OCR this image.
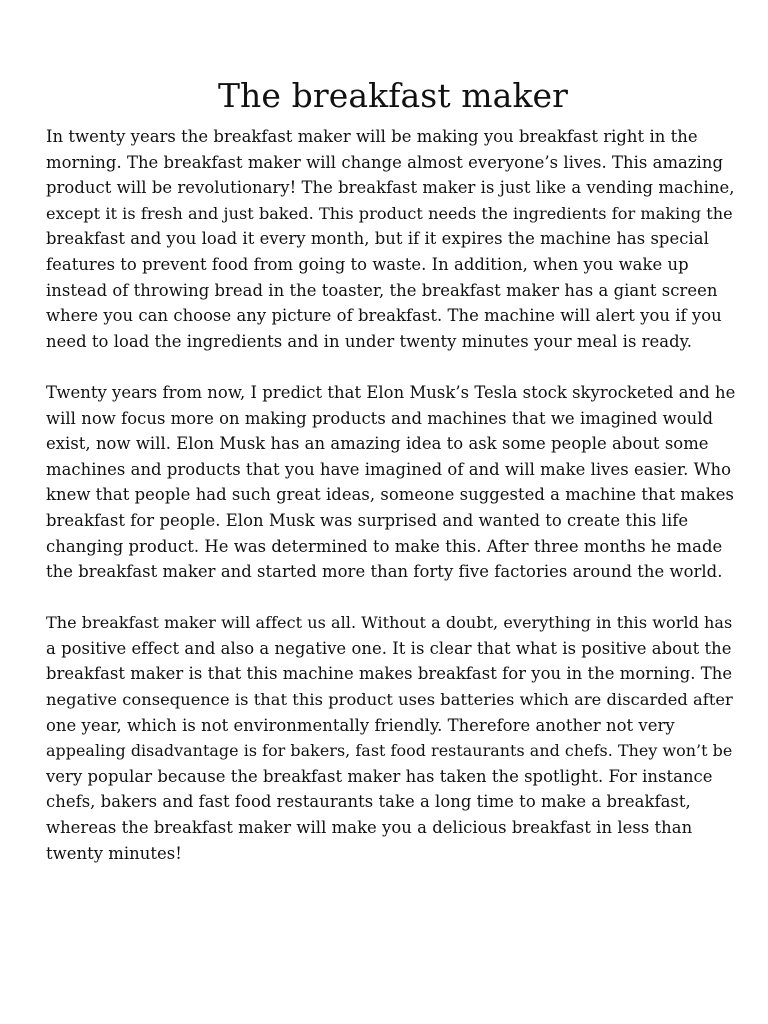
The breakfast maker
In twenty years the breakfast maker will be making you breakfast right in the
morning. The breakfast maker will change almost everyone’s lives. This amazing
product will be revolutionary! The breakfast maker is just like a vending machine,
except it is fresh and just baked. This product needs the ingredients for making the
breakfast and you load it every month, but if it expires the machine has special
features to prevent food from going to waste. In addition, when you wake up
instead of throwing bread in the toaster, the breakfast maker has a giant screen
where you can choose any picture of breakfast. The machine will alert you if you
need to load the ingredients and in under twenty minutes your meal is ready.
Twenty years from now, I predict that Elon Musk’s Tesla stock skyrocketed and he
will now focus more on making products and machines that we imagined would
exist, now will. Elon Musk has an amazing idea to ask some people about some
machines and products that you have imagined of and will make lives easier. Who
knew that people had such great ideas, someone suggested a machine that makes
breakfast for people. Elon Musk was surprised and wanted to create this life
changing product. He was determined to make this. After three months he made
the breakfast maker and started more than forty five factories around the world.
The breakfast maker will affect us all. Without a doubt, everything in this world has
a positive effect and also a negative one. It is clear that what is positive about the
breakfast maker is that this machine makes breakfast for you in the morning. The
negative consequence is that this product uses batteries which are discarded after
one year, which is not environmentally friendly. Therefore another not very
appealing disadvantage is for bakers, fast food restaurants and chefs. They won’t be
very popular because the breakfast maker has taken the spotlight. For instance
chefs, bakers and fast food restaurants take a long time to make a breakfast,
whereas the breakfast maker will make you a delicious breakfast in less than
twenty minutes!
